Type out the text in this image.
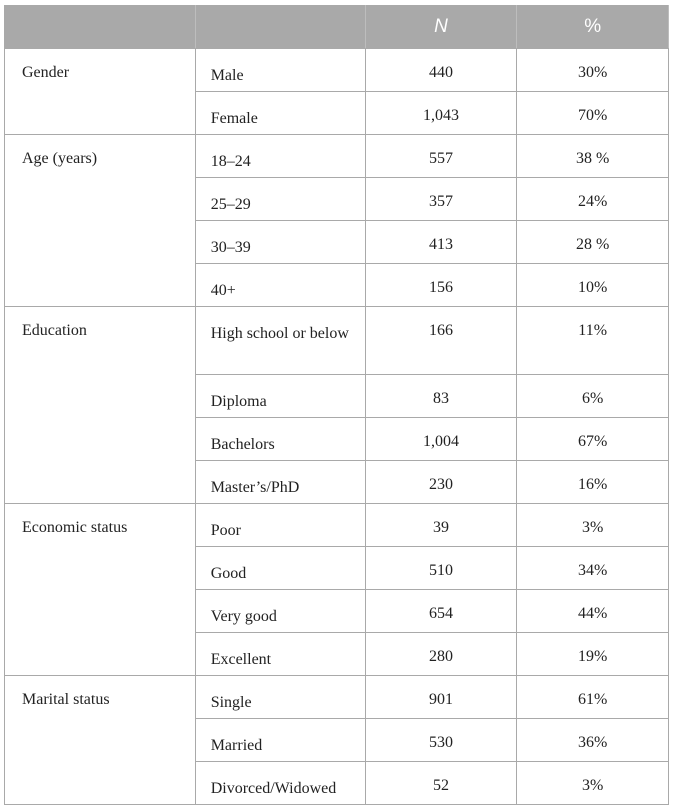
		N	%
Gender	Male	440	30%
	Female	1,043	70%
Age (years)	18–24	557	38 %
	25–29	357	24%
	30–39	413	28 %
	40+	156	10%
Education	High school or below	166	11%
	Diploma	83	6%
	Bachelors	1,004	67%
	Master’s/PhD	230	16%
Economic status	Poor	39	3%
	Good	510	34%
	Very good	654	44%
	Excellent	280	19%
Marital status	Single	901	61%
	Married	530	36%
	Divorced/Widowed	52	3%
